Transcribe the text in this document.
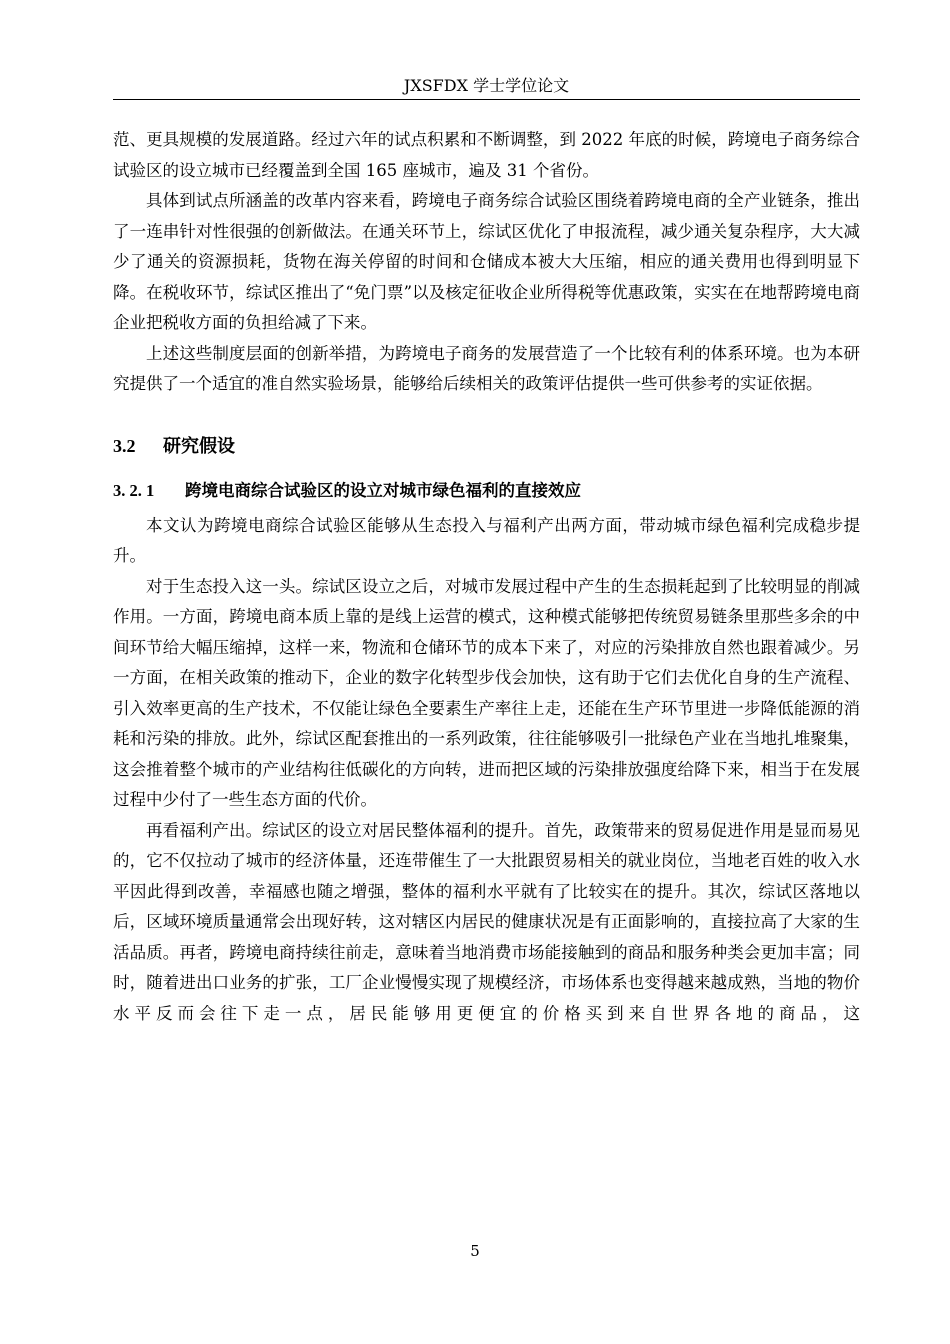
JXSFDX 学士学位论文

范、更具规模的发展道路。经过六年的试点积累和不断调整，到 2022 年底的时候，跨境电子商务综合试验区的设立城市已经覆盖到全国 165 座城市，遍及 31 个省份。

具体到试点所涵盖的改革内容来看，跨境电子商务综合试验区围绕着跨境电商的全产业链条，推出了一连串针对性很强的创新做法。在通关环节上，综试区优化了申报流程，减少通关复杂程序，大大减少了通关的资源损耗，货物在海关停留的时间和仓储成本被大大压缩，相应的通关费用也得到明显下降。在税收环节，综试区推出了“免门票”以及核定征收企业所得税等优惠政策，实实在在地帮跨境电商企业把税收方面的负担给减了下来。

上述这些制度层面的创新举措，为跨境电子商务的发展营造了一个比较有利的体系环境。也为本研究提供了一个适宜的准自然实验场景，能够给后续相关的政策评估提供一些可供参考的实证依据。

3.2 研究假设
3. 2. 1 跨境电商综合试验区的设立对城市绿色福利的直接效应

本文认为跨境电商综合试验区能够从生态投入与福利产出两方面，带动城市绿色福利完成稳步提升。

对于生态投入这一头。综试区设立之后，对城市发展过程中产生的生态损耗起到了比较明显的削减作用。一方面，跨境电商本质上靠的是线上运营的模式，这种模式能够把传统贸易链条里那些多余的中间环节给大幅压缩掉，这样一来，物流和仓储环节的成本下来了，对应的污染排放自然也跟着减少。另一方面，在相关政策的推动下，企业的数字化转型步伐会加快，这有助于它们去优化自身的生产流程、引入效率更高的生产技术，不仅能让绿色全要素生产率往上走，还能在生产环节里进一步降低能源的消耗和污染的排放。此外，综试区配套推出的一系列政策，往往能够吸引一批绿色产业在当地扎堆聚集，这会推着整个城市的产业结构往低碳化的方向转，进而把区域的污染排放强度给降下来，相当于在发展过程中少付了一些生态方面的代价。

再看福利产出。综试区的设立对居民整体福利的提升。首先，政策带来的贸易促进作用是显而易见的，它不仅拉动了城市的经济体量，还连带催生了一大批跟贸易相关的就业岗位，当地老百姓的收入水平因此得到改善，幸福感也随之增强，整体的福利水平就有了比较实在的提升。其次，综试区落地以后，区域环境质量通常会出现好转，这对辖区内居民的健康状况是有正面影响的，直接拉高了大家的生活品质。再者，跨境电商持续往前走，意味着当地消费市场能接触到的商品和服务种类会更加丰富；同时，随着进出口业务的扩张，工厂企业慢慢实现了规模经济，市场体系也变得越来越成熟，当地的物价水平反而会往下走一点，居民能够用更便宜的价格买到来自世界各地的商品，这

5
